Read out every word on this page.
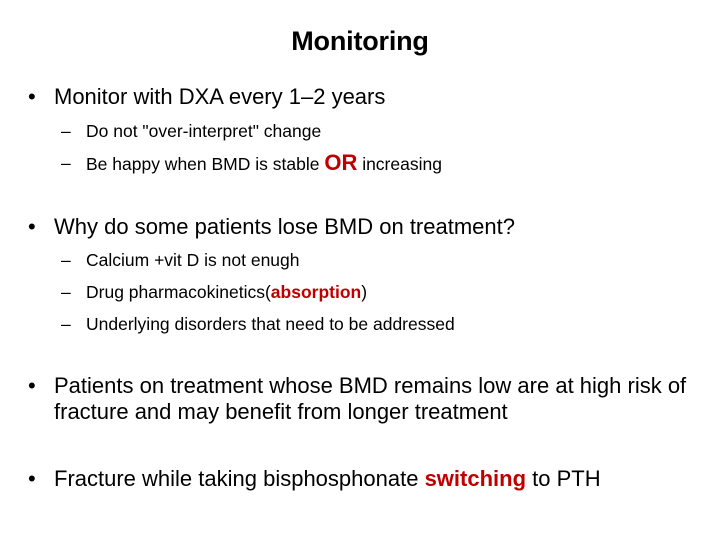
Monitoring
• Monitor with DXA every 1–2 years
– Do not "over-interpret" change
– Be happy when BMD is stable OR increasing
• Why do some patients lose BMD on treatment?
– Calcium +vit D is not enugh
– Drug pharmacokinetics(absorption)
– Underlying disorders that need to be addressed
• Patients on treatment whose BMD remains low are at high risk of fracture and may benefit from longer treatment
• Fracture while taking bisphosphonate switching to PTH
